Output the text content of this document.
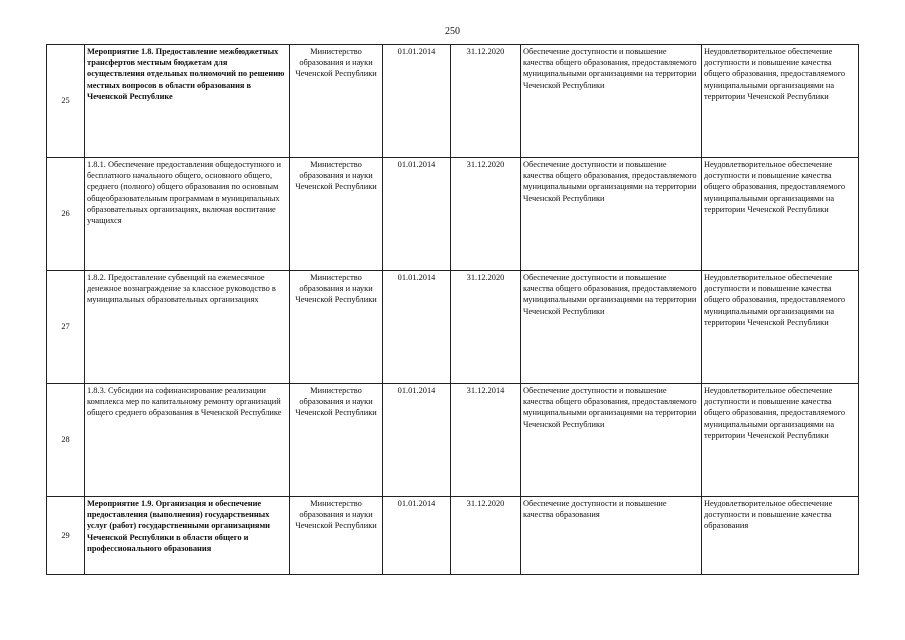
250
25	Мероприятие 1.8. Предоставление межбюджетных трансфертов местным бюджетам для осуществления отдельных полномочий по решению местных вопросов в области образования в Чеченской Республике	Министерство образования и науки Чеченской Республики	01.01.2014	31.12.2020	Обеспечение доступности и повышение качества общего образования, предоставляемого муниципальными организациями на территории Чеченской Республики	Неудовлетворительное обеспечение доступности и повышение качества общего образования, предоставляемого муниципальными организациями на территории Чеченской Республики
26	1.8.1. Обеспечение предоставления общедоступного и бесплатного начального общего, основного общего, среднего (полного) общего образования по основным общеобразовательным программам в муниципальных образовательных организациях, включая воспитание учащихся	Министерство образования и науки Чеченской Республики	01.01.2014	31.12.2020	Обеспечение доступности и повышение качества общего образования, предоставляемого муниципальными организациями на территории Чеченской Республики	Неудовлетворительное обеспечение доступности и повышение качества общего образования, предоставляемого муниципальными организациями на территории Чеченской Республики
27	1.8.2. Предоставление субвенций на ежемесячное денежное вознаграждение за классное руководство в муниципальных образовательных организациях	Министерство образования и науки Чеченской Республики	01.01.2014	31.12.2020	Обеспечение доступности и повышение качества общего образования, предоставляемого муниципальными организациями на территории Чеченской Республики	Неудовлетворительное обеспечение доступности и повышение качества общего образования, предоставляемого муниципальными организациями на территории Чеченской Республики
28	1.8.3. Субсидии на софинансирование реализации комплекса мер по капитальному ремонту организаций общего среднего образования в Чеченской Республике	Министерство образования и науки Чеченской Республики	01.01.2014	31.12.2014	Обеспечение доступности и повышение качества общего образования, предоставляемого муниципальными организациями на территории Чеченской Республики	Неудовлетворительное обеспечение доступности и повышение качества общего образования, предоставляемого муниципальными организациями на территории Чеченской Республики
29	Мероприятие 1.9. Организация и обеспечение предоставления (выполнения) государственных услуг (работ) государственными организациями Чеченской Республики в области общего и профессионального образования	Министерство образования и науки Чеченской Республики	01.01.2014	31.12.2020	Обеспечение доступности и повышение качества образования	Неудовлетворительное обеспечение доступности и повышение качества образования
